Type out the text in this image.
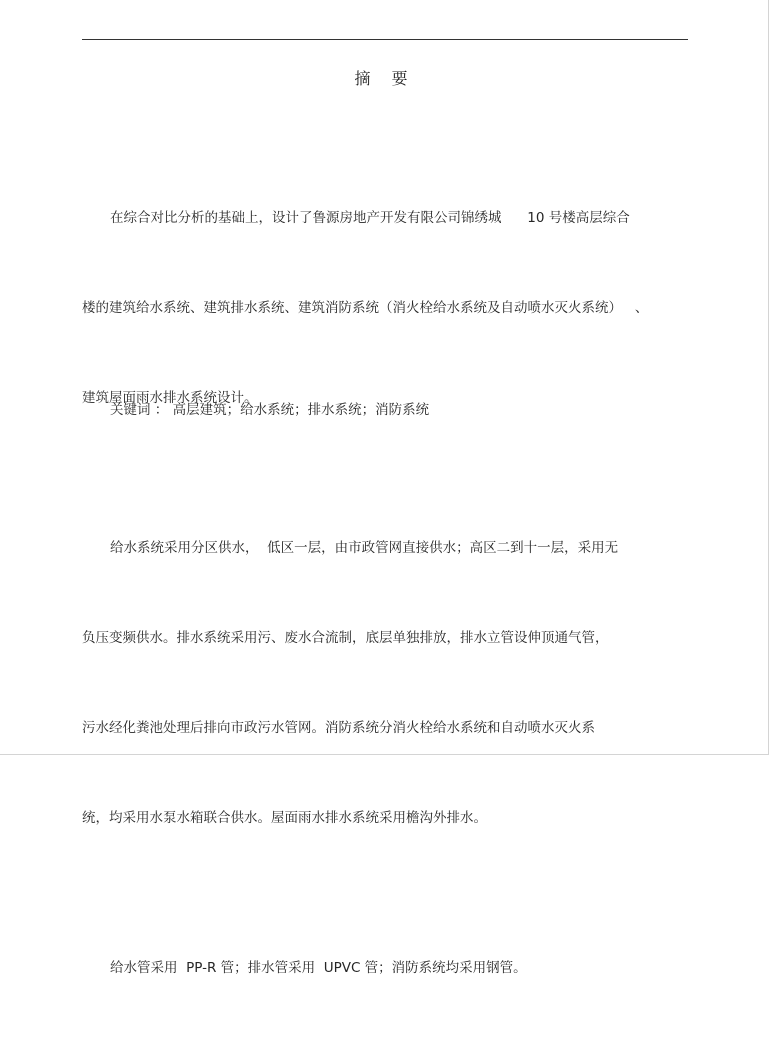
摘 要

在综合对比分析的基础上，设计了鲁源房地产开发有限公司锦绣城      10 号楼高层综合

楼的建筑给水系统、建筑排水系统、建筑消防系统（消火栓给水系统及自动喷水灭火系统）   、

建筑屋面雨水排水系统设计。

给水系统采用分区供水，  低区一层，由市政管网直接供水；高区二到十一层，采用无

负压变频供水。排水系统采用污、废水合流制，底层单独排放，排水立管设伸顶通气管，

污水经化粪池处理后排向市政污水管网。消防系统分消火栓给水系统和自动喷水灭火系

统，均采用水泵水箱联合供水。屋面雨水排水系统采用檐沟外排水。

给水管采用  PP-R 管；排水管采用  UPVC 管；消防系统均采用钢管。

关键词 ： 高层建筑；给水系统；排水系统；消防系统
